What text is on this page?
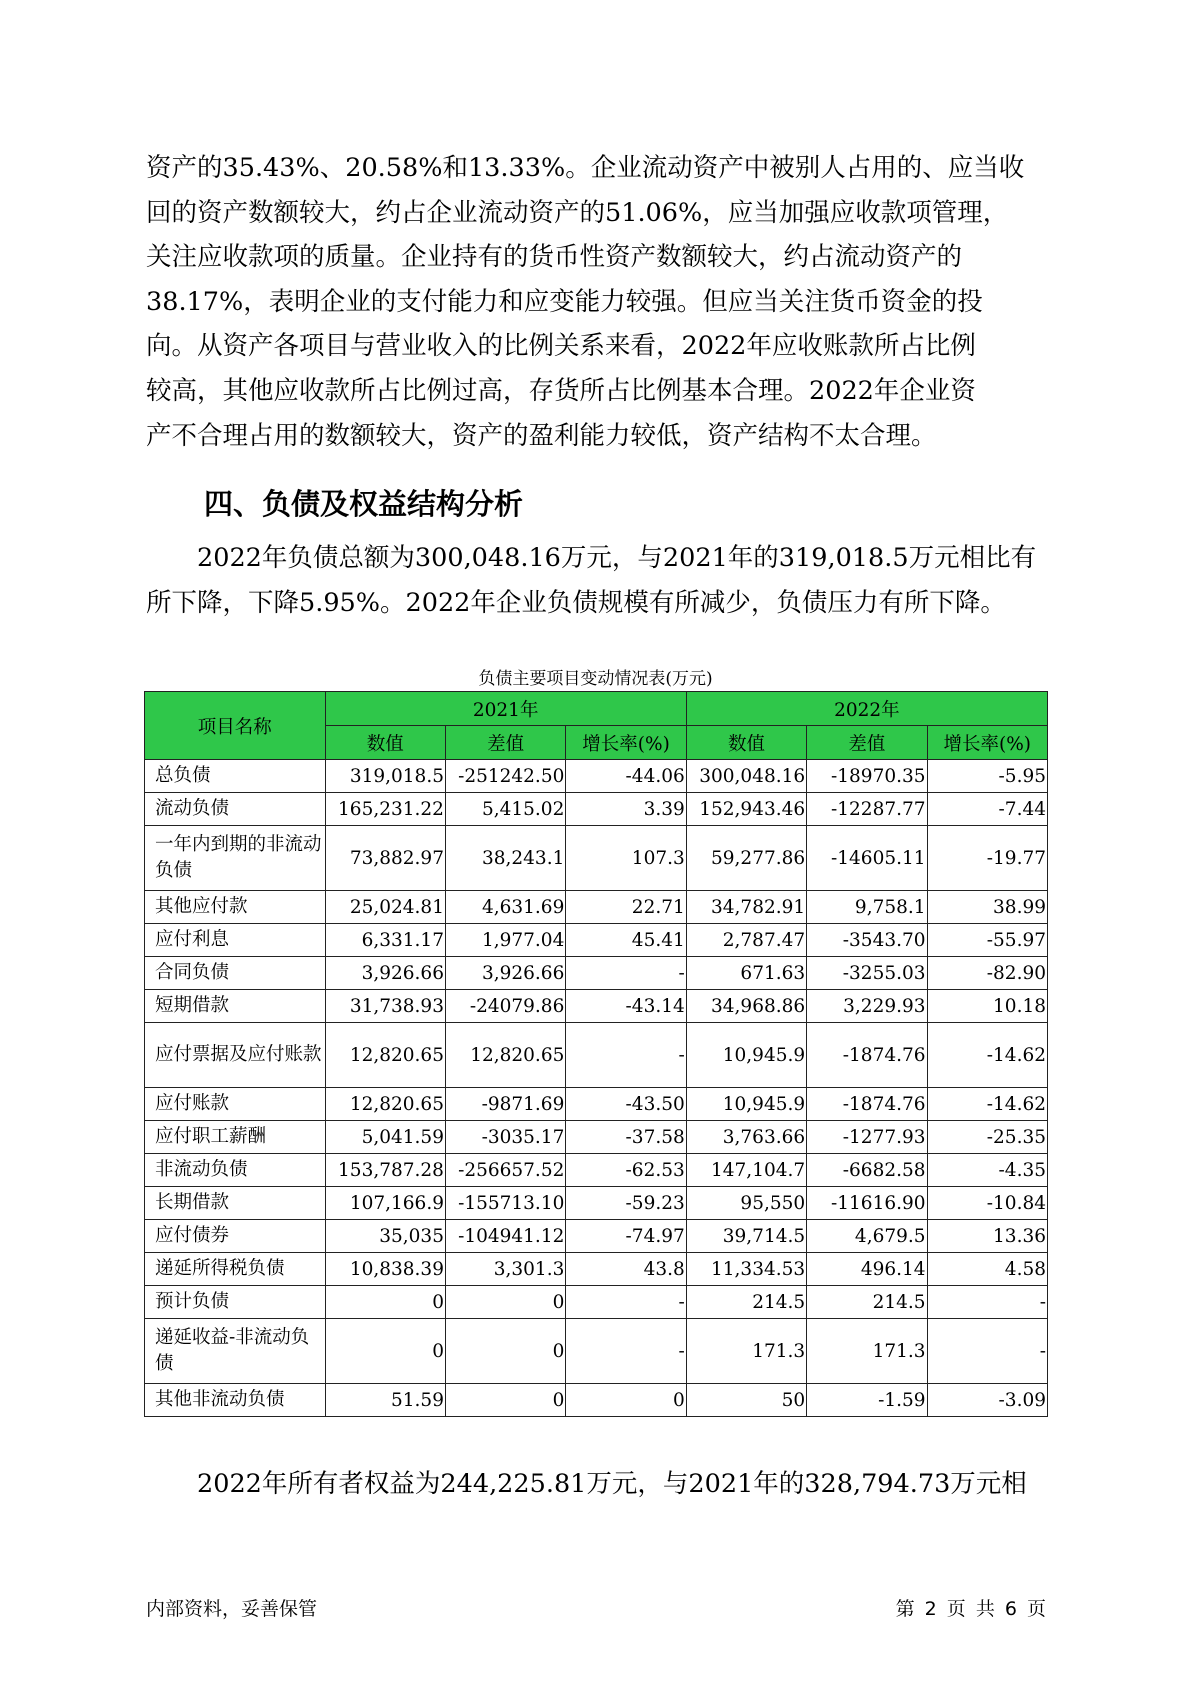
资产的35.43%、20.58%和13.33%。企业流动资产中被别人占用的、应当收
回的资产数额较大，约占企业流动资产的51.06%，应当加强应收款项管理，
关注应收款项的质量。企业持有的货币性资产数额较大，约占流动资产的
38.17%，表明企业的支付能力和应变能力较强。但应当关注货币资金的投
向。从资产各项目与营业收入的比例关系来看，2022年应收账款所占比例
较高，其他应收款所占比例过高，存货所占比例基本合理。2022年企业资
产不合理占用的数额较大，资产的盈利能力较低，资产结构不太合理。
四、负债及权益结构分析
2022年负债总额为300,048.16万元，与2021年的319,018.5万元相比有
所下降，下降5.95%。2022年企业负债规模有所减少，负债压力有所下降。
负债主要项目变动情况表(万元)
项目名称	2021年			2022年		
	数值	差值	增长率(%)	数值	差值	增长率(%)
总负债	319,018.5	-251242.50	-44.06	300,048.16	-18970.35	-5.95
流动负债	165,231.22	5,415.02	3.39	152,943.46	-12287.77	-7.44
一年内到期的非流动负债	73,882.97	38,243.1	107.3	59,277.86	-14605.11	-19.77
其他应付款	25,024.81	4,631.69	22.71	34,782.91	9,758.1	38.99
应付利息	6,331.17	1,977.04	45.41	2,787.47	-3543.70	-55.97
合同负债	3,926.66	3,926.66	-	671.63	-3255.03	-82.90
短期借款	31,738.93	-24079.86	-43.14	34,968.86	3,229.93	10.18
应付票据及应付账款	12,820.65	12,820.65	-	10,945.9	-1874.76	-14.62
应付账款	12,820.65	-9871.69	-43.50	10,945.9	-1874.76	-14.62
应付职工薪酬	5,041.59	-3035.17	-37.58	3,763.66	-1277.93	-25.35
非流动负债	153,787.28	-256657.52	-62.53	147,104.7	-6682.58	-4.35
长期借款	107,166.9	-155713.10	-59.23	95,550	-11616.90	-10.84
应付债券	35,035	-104941.12	-74.97	39,714.5	4,679.5	13.36
递延所得税负债	10,838.39	3,301.3	43.8	11,334.53	496.14	4.58
预计负债	0	0	-	214.5	214.5	-
递延收益-非流动负债	0	0	-	171.3	171.3	-
其他非流动负债	51.59	0	0	50	-1.59	-3.09
2022年所有者权益为244,225.81万元，与2021年的328,794.73万元相
内部资料，妥善保管	第 2 页 共 6 页
